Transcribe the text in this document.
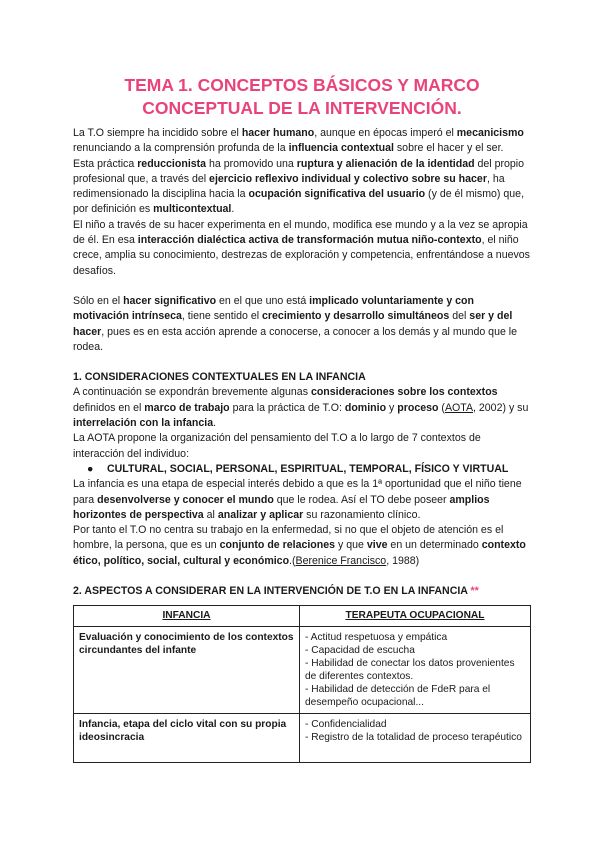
TEMA 1. CONCEPTOS BÁSICOS Y MARCO
CONCEPTUAL DE LA INTERVENCIÓN.

La T.O siempre ha incidido sobre el hacer humano, aunque en épocas imperó el mecanicismo renunciando a la comprensión profunda de la influencia contextual sobre el hacer y el ser.

Esta práctica reduccionista ha promovido una ruptura y alienación de la identidad del propio profesional que, a través del ejercicio reflexivo individual y colectivo sobre su hacer, ha redimensionado la disciplina hacia la ocupación significativa del usuario (y de él mismo) que, por definición es multicontextual.

El niño a través de su hacer experimenta en el mundo, modifica ese mundo y a la vez se apropia de él. En esa interacción dialéctica activa de transformación mutua niño-contexto, el niño crece, amplia su conocimiento, destrezas de exploración y competencia, enfrentándose a nuevos desafíos.

Sólo en el hacer significativo en el que uno está implicado voluntariamente y con motivación intrínseca, tiene sentido el crecimiento y desarrollo simultáneos del ser y del hacer, pues es en esta acción aprende a conocerse, a conocer a los demás y al mundo que le rodea.

1. CONSIDERACIONES CONTEXTUALES EN LA INFANCIA

A continuación se expondrán brevemente algunas consideraciones sobre los contextos definidos en el marco de trabajo para la práctica de T.O: dominio y proceso (AOTA, 2002) y su interrelación con la infancia.

La AOTA propone la organización del pensamiento del T.O a lo largo de 7 contextos de interacción del individuo:

● CULTURAL, SOCIAL, PERSONAL, ESPIRITUAL, TEMPORAL, FÍSICO Y VIRTUAL

La infancia es una etapa de especial interés debido a que es la 1ª oportunidad que el niño tiene para desenvolverse y conocer el mundo que le rodea. Así el TO debe poseer amplios horizontes de perspectiva al analizar y aplicar su razonamiento clínico.

Por tanto el T.O no centra su trabajo en la enfermedad, si no que el objeto de atención es el hombre, la persona, que es un conjunto de relaciones y que vive en un determinado contexto ético, político, social, cultural y económico.(Berenice Francisco, 1988)

2. ASPECTOS A CONSIDERAR EN LA INTERVENCIÓN DE T.O EN LA INFANCIA **
INFANCIA	TERAPEUTA OCUPACIONAL
Evaluación y conocimiento de los contextos circundantes del infante	- Actitud respetuosa y empática
- Capacidad de escucha
- Habilidad de conectar los datos provenientes de diferentes contextos.
- Habilidad de detección de FdeR para el desempeño ocupacional...

Infancia, etapa del ciclo vital con su propia ideosincracia	- Confidencialidad
- Registro de la totalidad de proceso terapéutico
